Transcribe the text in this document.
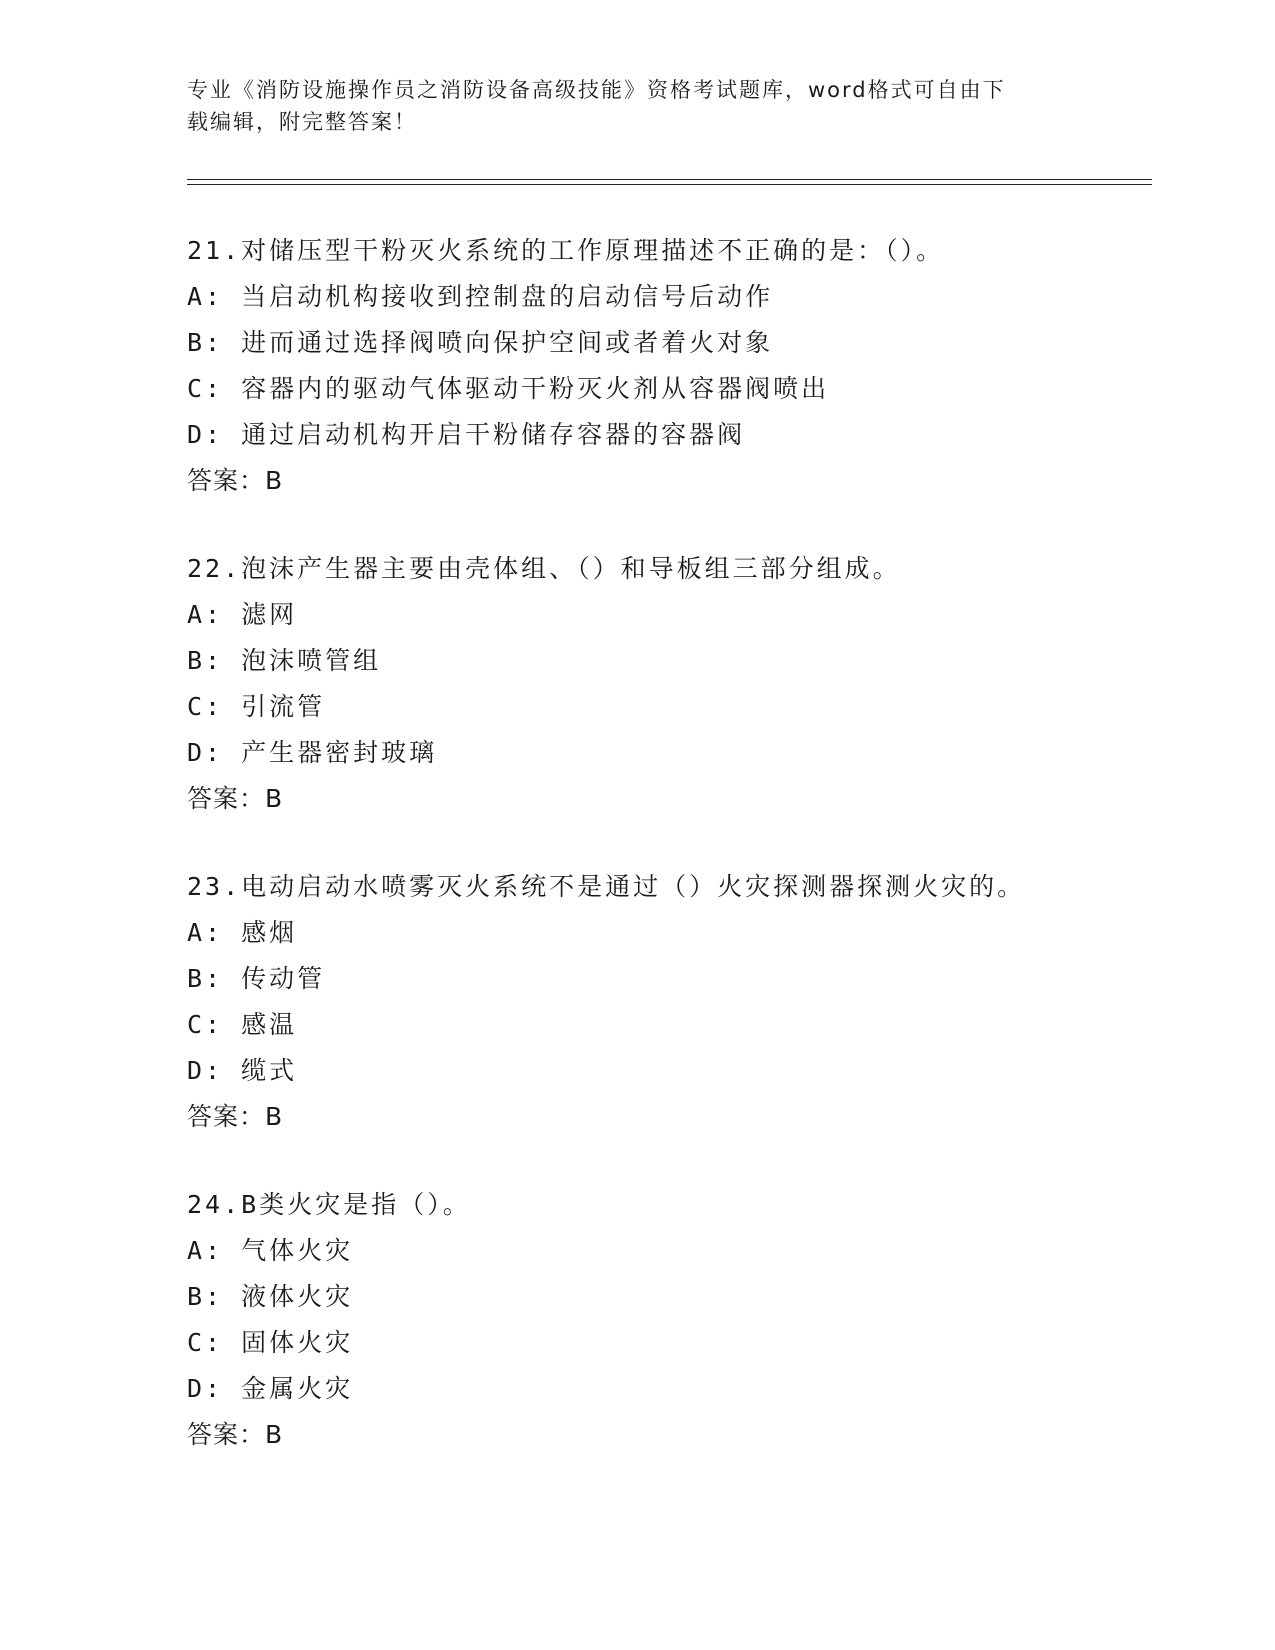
专业《消防设施操作员之消防设备高级技能》资格考试题库，word格式可自由下
载编辑，附完整答案！
21.对储压型干粉灭火系统的工作原理描述不正确的是：（）。
A: 当启动机构接收到控制盘的启动信号后动作
B: 进而通过选择阀喷向保护空间或者着火对象
C: 容器内的驱动气体驱动干粉灭火剂从容器阀喷出
D: 通过启动机构开启干粉储存容器的容器阀
答案：B
22.泡沫产生器主要由壳体组、（）和导板组三部分组成。
A: 滤网
B: 泡沫喷管组
C: 引流管
D: 产生器密封玻璃
答案：B
23.电动启动水喷雾灭火系统不是通过（）火灾探测器探测火灾的。
A: 感烟
B: 传动管
C: 感温
D: 缆式
答案：B
24.B类火灾是指（）。
A: 气体火灾
B: 液体火灾
C: 固体火灾
D: 金属火灾
答案：B
